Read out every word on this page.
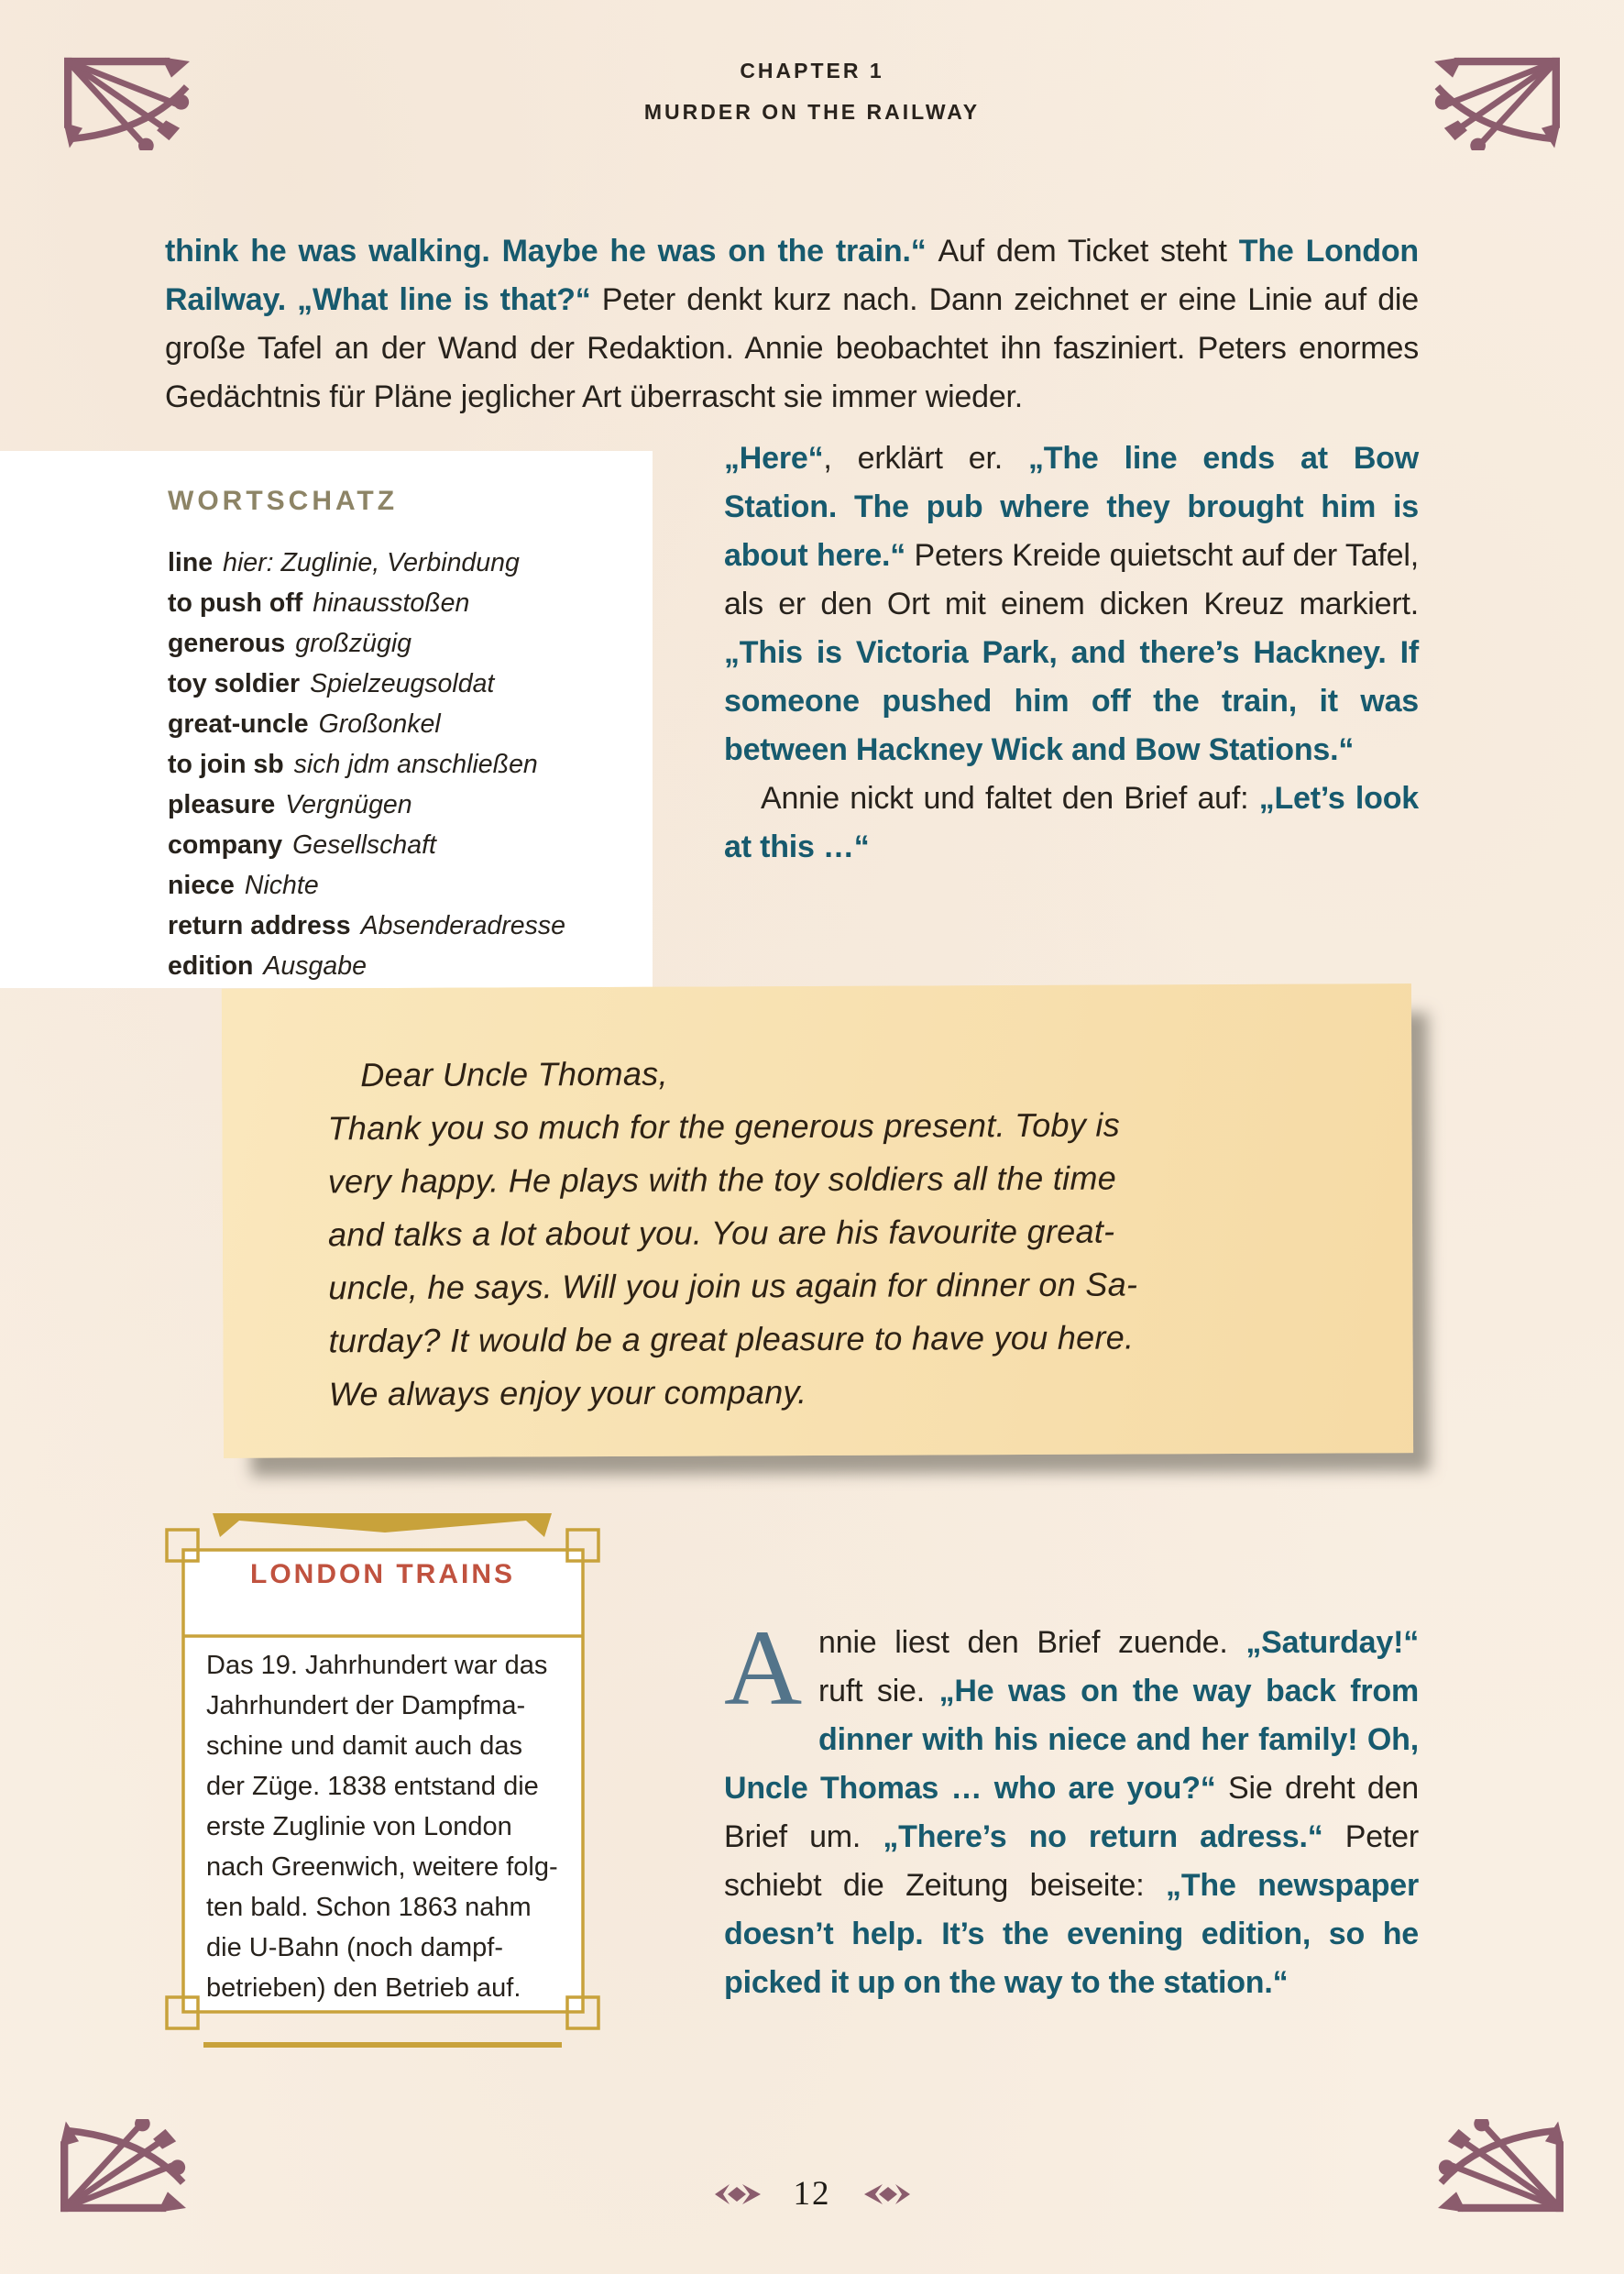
CHAPTER 1

MURDER ON THE RAILWAY

think he was walking. Maybe he was on the train.“ Auf dem Ticket steht The London Railway. „What line is that?“ Peter denkt kurz nach. Dann zeichnet er eine Linie auf die große Tafel an der Wand der Redaktion. Annie beobachtet ihn fasziniert. Peters enormes Gedächtnis für Pläne jeglicher Art überrascht sie immer wieder.

WORTSCHATZ
line hier: Zuglinie, Verbindung
to push off hinausstoßen
generous großzügig
toy soldier Spielzeugsoldat
great-uncle Großonkel
to join sb sich jdm anschließen
pleasure Vergnügen
company Gesellschaft
niece Nichte
return address Absenderadresse
edition Ausgabe

„Here“, erklärt er. „The line ends at Bow Station. The pub where they brought him is about here.“ Peters Kreide quietscht auf der Tafel, als er den Ort mit einem dicken Kreuz markiert. „This is Victoria Park, and there’s Hackney. If someone pushed him off the train, it was between Hackney Wick and Bow Stations.“

Annie nickt und faltet den Brief auf: „Let’s look at this …“

Dear Uncle Thomas,
Thank you so much for the generous present. Toby is
very happy. He plays with the toy soldiers all the time
and talks a lot about you. You are his favourite great-
uncle, he says. Will you join us again for dinner on Sa-
turday? It would be a great pleasure to have you here.
We always enjoy your company.
LONDON TRAINS
Das 19. Jahrhundert war das
Jahrhundert der Dampfma-
schine und damit auch das
der Züge. 1838 entstand die
erste Zuglinie von London
nach Greenwich, weitere folg-
ten bald. Schon 1863 nahm
die U-Bahn (noch dampf-
betrieben) den Betrieb auf.

A nnie liest den Brief zuende. „Saturday!“ ruft sie. „He was on the way back from dinner with his niece and her family! Oh, Uncle Thomas … who are you?“ Sie dreht den Brief um. „There’s no return adress.“ Peter schiebt die Zeitung beiseite: „The newspaper doesn’t help. It’s the evening edition, so he picked it up on the way to the station.“

12
